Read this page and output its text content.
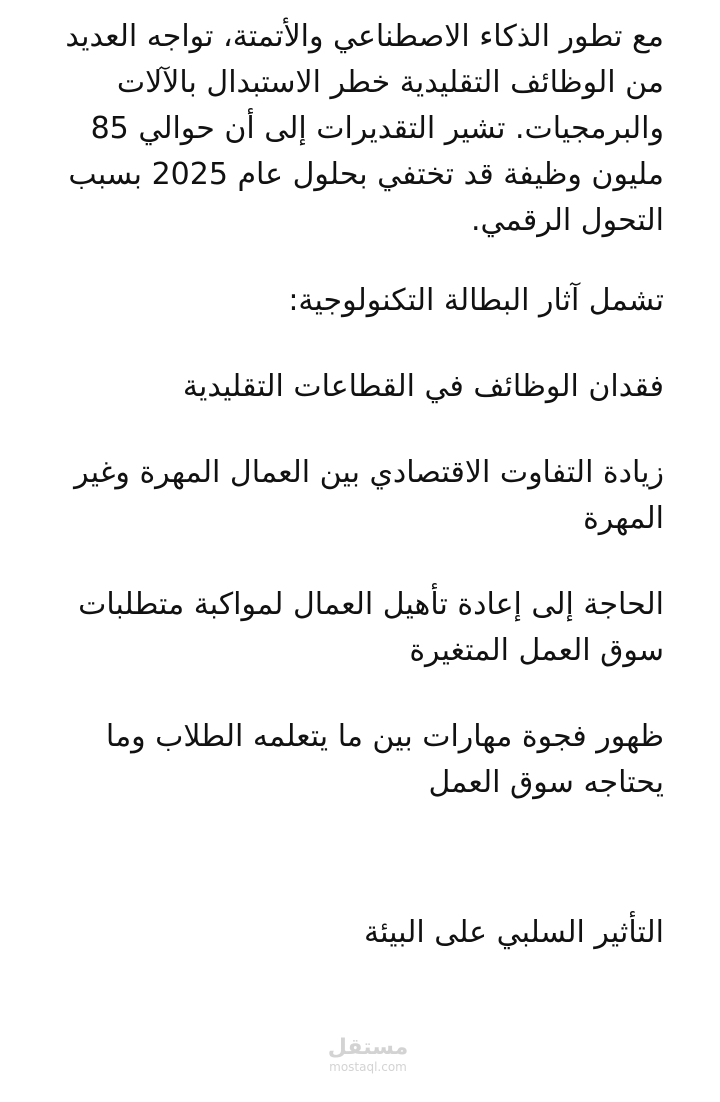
مع تطور الذكاء الاصطناعي والأتمتة، تواجه العديد من الوظائف التقليدية خطر الاستبدال بالآلات والبرمجيات. تشير التقديرات إلى أن حوالي 85 مليون وظيفة قد تختفي بحلول عام 2025 بسبب التحول الرقمي.

تشمل آثار البطالة التكنولوجية:

فقدان الوظائف في القطاعات التقليدية

زيادة التفاوت الاقتصادي بين العمال المهرة وغير المهرة

الحاجة إلى إعادة تأهيل العمال لمواكبة متطلبات سوق العمل المتغيرة

ظهور فجوة مهارات بين ما يتعلمه الطلاب وما يحتاجه سوق العمل

التأثير السلبي على البيئة

مستقل
mostaql.com
